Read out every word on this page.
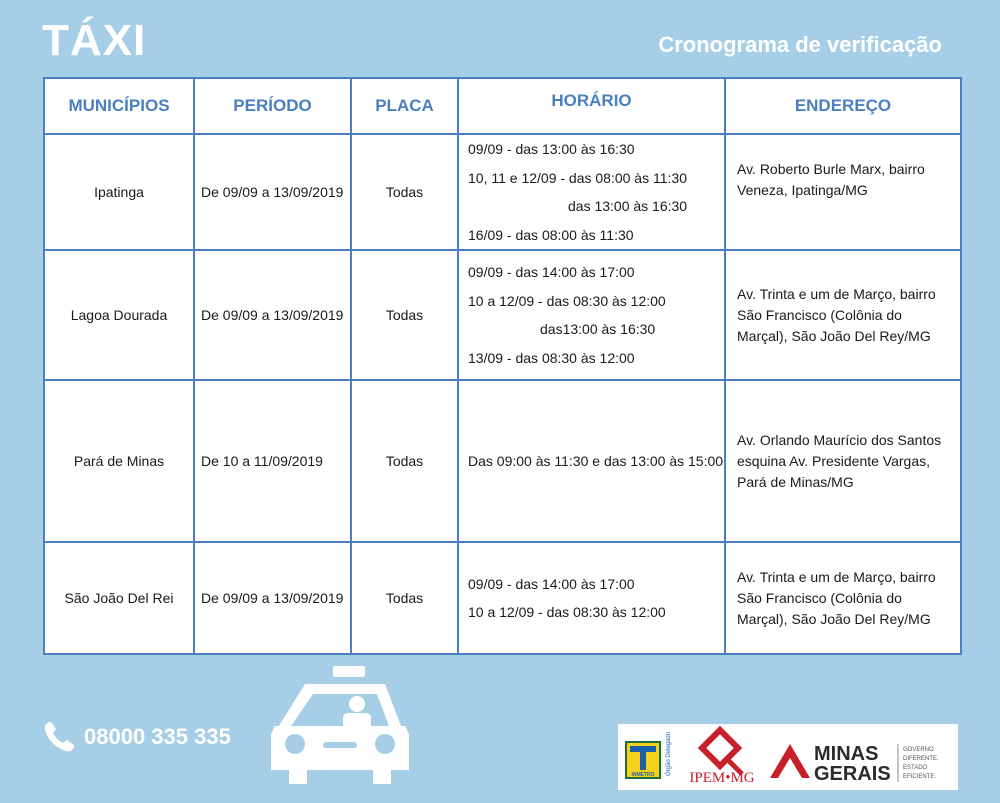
TÁXI	Cronograma de verificação
MUNICÍPIOS	PERÍODO	PLACA	HORÁRIO	ENDEREÇO
Ipatinga	De 09/09 a 13/09/2019	Todas	09/09 - das 13:00 às 16:30
10, 11 e 12/09 - das 08:00 às 11:30
das 13:00 às 16:30
16/09 - das 08:00 às 11:30	Av. Roberto Burle Marx, bairro Veneza, Ipatinga/MG
Lagoa Dourada	De 09/09 a 13/09/2019	Todas	09/09 - das 14:00 às 17:00
10 a 12/09 - das 08:30 às 12:00
das13:00 às 16:30
13/09 - das 08:30 às 12:00	Av. Trinta e um de Março, bairro São Francisco (Colônia do Marçal), São João Del Rey/MG
Pará de Minas	De 10 a 11/09/2019	Todas	Das 09:00 às 11:30 e das 13:00 às 15:00	Av. Orlando Maurício dos Santos esquina Av. Presidente Vargas, Pará de Minas/MG
São João Del Rei	De 09/09 a 13/09/2019	Todas	09/09 - das 14:00 às 17:00
10 a 12/09 - das 08:30 às 12:00	Av. Trinta e um de Março, bairro São Francisco (Colônia do Marçal), São João Del Rey/MG
08000 335 335
INMETRO Órgão Delegado
IPEM•MG
MINAS
GERAIS
GOVERNO
DIFERENTE.
ESTADO
EFICIENTE.
